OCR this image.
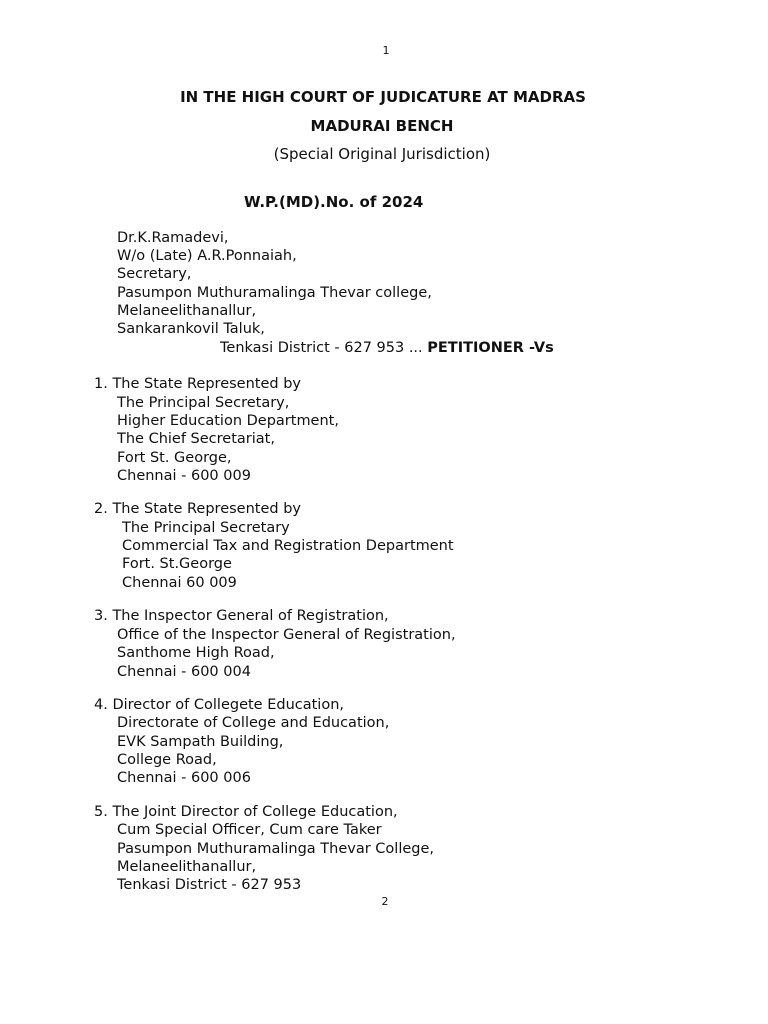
1
IN THE HIGH COURT OF JUDICATURE AT MADRAS
MADURAI BENCH
(Special Original Jurisdiction)
W.P.(MD).No. of 2024
Dr.K.Ramadevi,
W/o (Late) A.R.Ponnaiah,
Secretary,
Pasumpon Muthuramalinga Thevar college,
Melaneelithanallur,
Sankarankovil Taluk,
Tenkasi District - 627 953 ... PETITIONER -Vs
1. The State Represented by
The Principal Secretary,
Higher Education Department,
The Chief Secretariat,
Fort St. George,
Chennai - 600 009
2. The State Represented by
The Principal Secretary
Commercial Tax and Registration Department
Fort. St.George
Chennai 60 009
3. The Inspector General of Registration,
Office of the Inspector General of Registration,
Santhome High Road,
Chennai - 600 004
4. Director of Collegete Education,
Directorate of College and Education,
EVK Sampath Building,
College Road,
Chennai - 600 006
5. The Joint Director of College Education,
Cum Special Officer, Cum care Taker
Pasumpon Muthuramalinga Thevar College,
Melaneelithanallur,
Tenkasi District - 627 953
2
